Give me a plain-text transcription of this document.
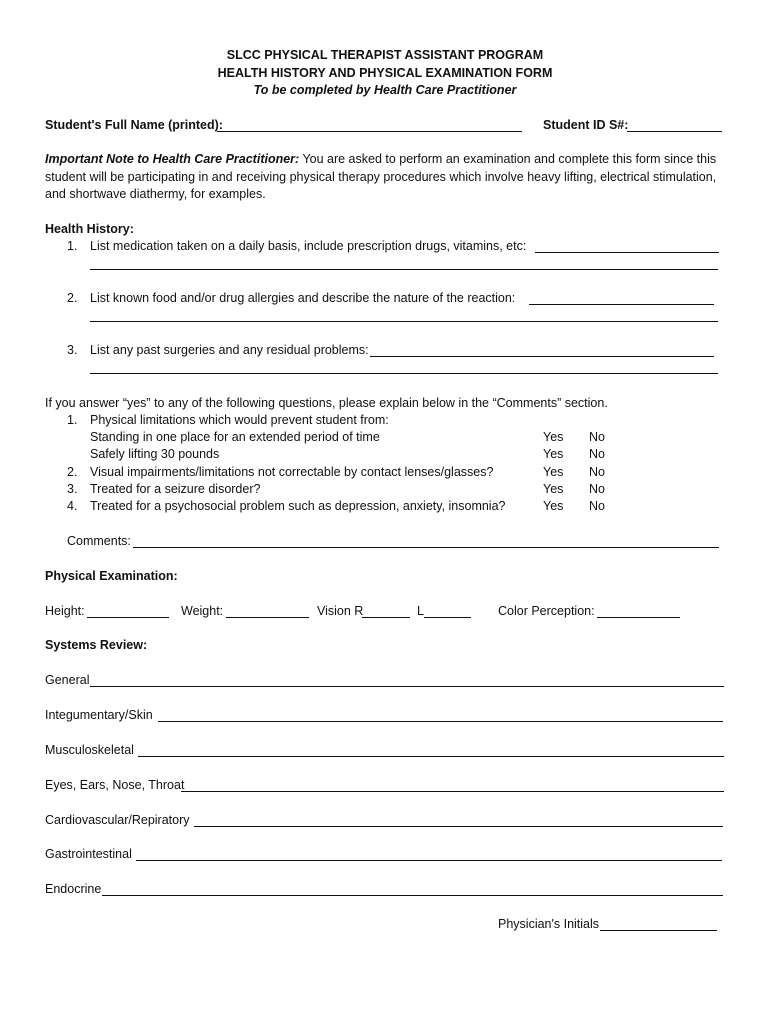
SLCC PHYSICAL THERAPIST ASSISTANT PROGRAM
HEALTH HISTORY AND PHYSICAL EXAMINATION FORM
To be completed by Health Care Practitioner
Student's Full Name (printed):	Student ID S#:
Important Note to Health Care Practitioner: You are asked to perform an examination and complete this form since this student will be participating in and receiving physical therapy procedures which involve heavy lifting, electrical stimulation, and shortwave diathermy, for examples.
Health History:
1. List medication taken on a daily basis, include prescription drugs, vitamins, etc:
2. List known food and/or drug allergies and describe the nature of the reaction:
3. List any past surgeries and any residual problems:
If you answer “yes” to any of the following questions, please explain below in the “Comments” section.
1. Physical limitations which would prevent student from:
Standing in one place for an extended period of time	Yes No
Safely lifting 30 pounds	Yes No
2. Visual impairments/limitations not correctable by contact lenses/glasses?	Yes No
3. Treated for a seizure disorder?	Yes No
4. Treated for a psychosocial problem such as depression, anxiety, insomnia?	Yes No
Comments:
Physical Examination:
Height:	Weight:	Vision R	L	Color Perception:
Systems Review:
General
Integumentary/Skin
Musculoskeletal
Eyes, Ears, Nose, Throat
Cardiovascular/Repiratory
Gastrointestinal
Endocrine
Physician's Initials
